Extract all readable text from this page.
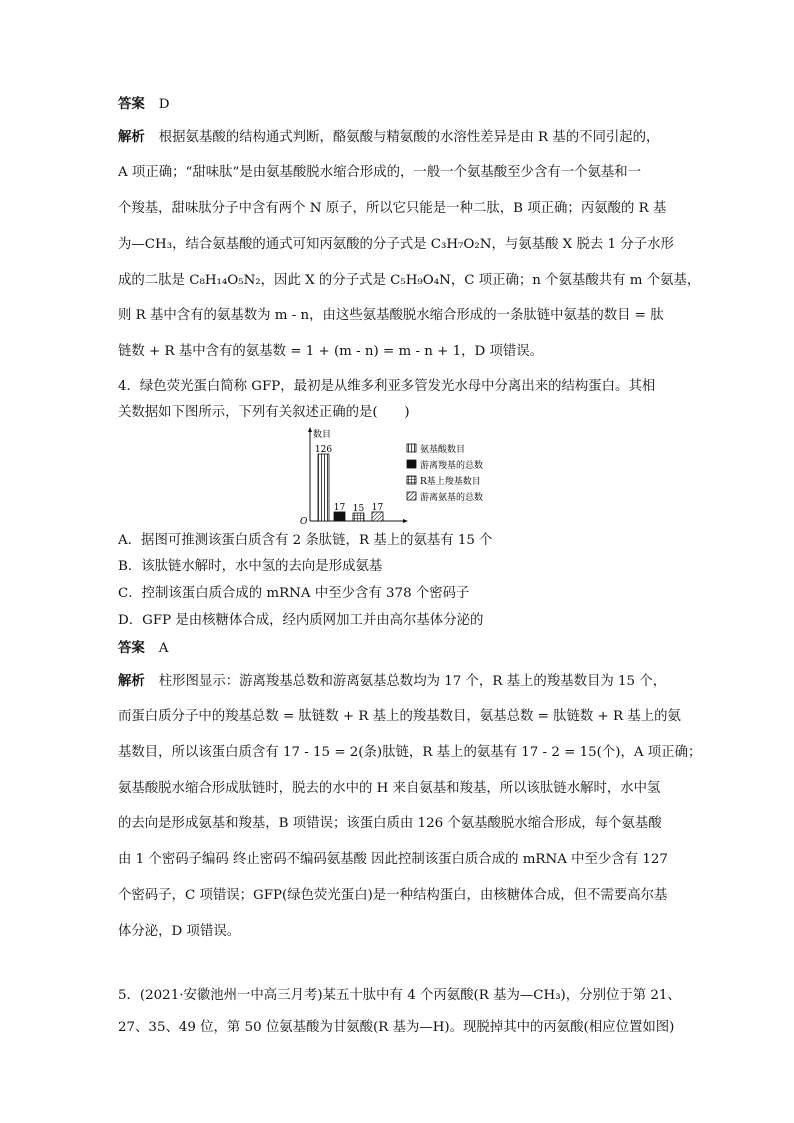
答案 D
解析 根据氨基酸的结构通式判断，酪氨酸与精氨酸的水溶性差异是由 R 基的不同引起的，
A 项正确；“甜味肽”是由氨基酸脱水缩合形成的，一般一个氨基酸至少含有一个氨基和一
个羧基，甜味肽分子中含有两个 N 原子，所以它只能是一种二肽，B 项正确；丙氨酸的 R 基
为—CH₃，结合氨基酸的通式可知丙氨酸的分子式是 C₃H₇O₂N，与氨基酸 X 脱去 1 分子水形
成的二肽是 C₈H₁₄O₅N₂，因此 X 的分子式是 C₅H₉O₄N，C 项正确；n 个氨基酸共有 m 个氨基，
则 R 基中含有的氨基数为 m - n，由这些氨基酸脱水缩合形成的一条肽链中氨基的数目 = 肽
链数 + R 基中含有的氨基数 = 1 + (m - n) = m - n + 1，D 项错误。
4．绿色荧光蛋白简称 GFP，最初是从维多利亚多管发光水母中分离出来的结构蛋白。其相
关数据如下图所示，下列有关叙述正确的是(　　)
数目
O
126
17 15 17
氨基酸数目
游离羧基的总数
R基上羧基数目
游离氨基的总数
A．据图可推测该蛋白质含有 2 条肽链，R 基上的氨基有 15 个
B．该肽链水解时，水中氢的去向是形成氨基
C．控制该蛋白质合成的 mRNA 中至少含有 378 个密码子
D．GFP 是由核糖体合成，经内质网加工并由高尔基体分泌的
答案 A
解析 柱形图显示：游离羧基总数和游离氨基总数均为 17 个，R 基上的羧基数目为 15 个，
而蛋白质分子中的羧基总数 = 肽链数 + R 基上的羧基数目，氨基总数 = 肽链数 + R 基上的氨
基数目，所以该蛋白质含有 17 - 15 = 2(条)肽链，R 基上的氨基有 17 - 2 = 15(个)，A 项正确；
氨基酸脱水缩合形成肽链时，脱去的水中的 H 来自氨基和羧基，所以该肽链水解时，水中氢
的去向是形成氨基和羧基，B 项错误；该蛋白质由 126 个氨基酸脱水缩合形成，每个氨基酸
由 1 个密码子编码 终止密码不编码氨基酸 因此控制该蛋白质合成的 mRNA 中至少含有 127
个密码子，C 项错误；GFP(绿色荧光蛋白)是一种结构蛋白，由核糖体合成，但不需要高尔基
体分泌，D 项错误。
5．(2021·安徽池州一中高三月考)某五十肽中有 4 个丙氨酸(R 基为—CH₃)，分别位于第 21、
27、35、49 位，第 50 位氨基酸为甘氨酸(R 基为—H)。现脱掉其中的丙氨酸(相应位置如图)
